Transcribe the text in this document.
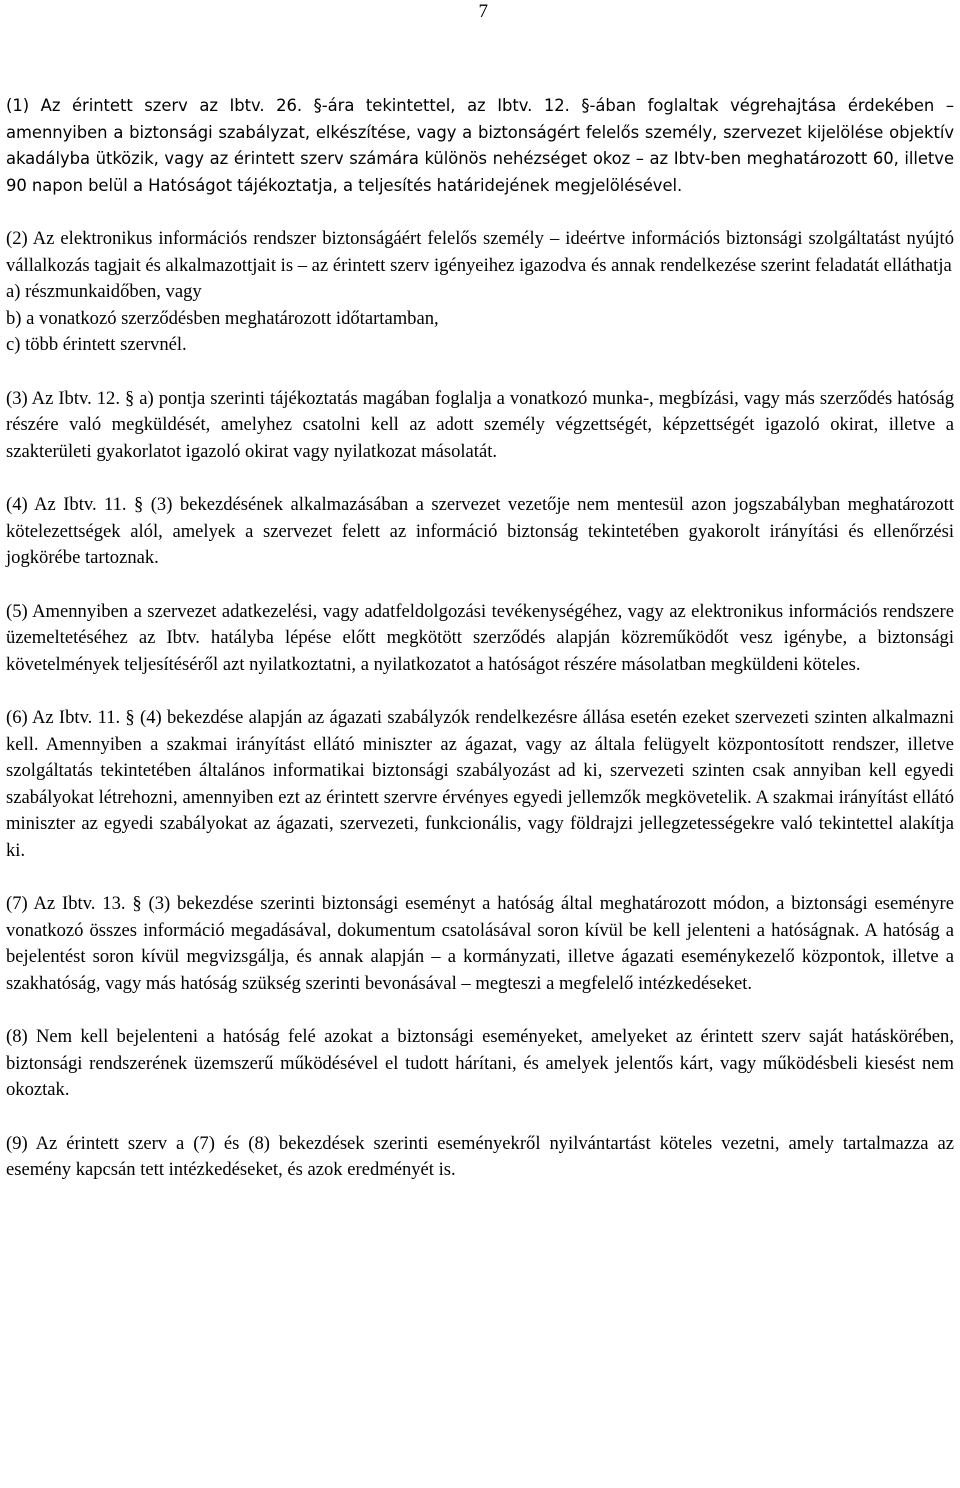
7

(1) Az érintett szerv az Ibtv. 26. §-ára tekintettel, az Ibtv. 12. §-ában foglaltak végrehajtása érdekében – amennyiben a biztonsági szabályzat, elkészítése, vagy a biztonságért felelős személy, szervezet kijelölése objektív akadályba ütközik, vagy az érintett szerv számára különös nehézséget okoz – az Ibtv-ben meghatározott 60, illetve 90 napon belül a Hatóságot tájékoztatja, a teljesítés határidejének megjelölésével.

(2) Az elektronikus információs rendszer biztonságáért felelős személy – ideértve információs biztonsági szolgáltatást nyújtó vállalkozás tagjait és alkalmazottjait is – az érintett szerv igényeihez igazodva és annak rendelkezése szerint feladatát elláthatja
a) részmunkaidőben, vagy
b) a vonatkozó szerződésben meghatározott időtartamban,
c) több érintett szervnél.

(3) Az Ibtv. 12. § a) pontja szerinti tájékoztatás magában foglalja a vonatkozó munka-, megbízási, vagy más szerződés hatóság részére való megküldését, amelyhez csatolni kell az adott személy végzettségét, képzettségét igazoló okirat, illetve a szakterületi gyakorlatot igazoló okirat vagy nyilatkozat másolatát.

(4) Az Ibtv. 11. § (3) bekezdésének alkalmazásában a szervezet vezetője nem mentesül azon jogszabályban meghatározott kötelezettségek alól, amelyek a szervezet felett az információ biztonság tekintetében gyakorolt irányítási és ellenőrzési jogkörébe tartoznak.

(5) Amennyiben a szervezet adatkezelési, vagy adatfeldolgozási tevékenységéhez, vagy az elektronikus információs rendszere üzemeltetéséhez az Ibtv. hatályba lépése előtt megkötött szerződés alapján közreműködőt vesz igénybe, a biztonsági követelmények teljesítéséről azt nyilatkoztatni, a nyilatkozatot a hatóságot részére másolatban megküldeni köteles.

(6) Az Ibtv. 11. § (4) bekezdése alapján az ágazati szabályzók rendelkezésre állása esetén ezeket szervezeti szinten alkalmazni kell. Amennyiben a szakmai irányítást ellátó miniszter az ágazat, vagy az általa felügyelt központosított rendszer, illetve szolgáltatás tekintetében általános informatikai biztonsági szabályozást ad ki, szervezeti szinten csak annyiban kell egyedi szabályokat létrehozni, amennyiben ezt az érintett szervre érvényes egyedi jellemzők megkövetelik. A szakmai irányítást ellátó miniszter az egyedi szabályokat az ágazati, szervezeti, funkcionális, vagy földrajzi jellegzetességekre való tekintettel alakítja ki.

(7) Az Ibtv. 13. § (3) bekezdése szerinti biztonsági eseményt a hatóság által meghatározott módon, a biztonsági eseményre vonatkozó összes információ megadásával, dokumentum csatolásával soron kívül be kell jelenteni a hatóságnak. A hatóság a bejelentést soron kívül megvizsgálja, és annak alapján – a kormányzati, illetve ágazati eseménykezelő központok, illetve a szakhatóság, vagy más hatóság szükség szerinti bevonásával – megteszi a megfelelő intézkedéseket.

(8) Nem kell bejelenteni a hatóság felé azokat a biztonsági eseményeket, amelyeket az érintett szerv saját hatáskörében, biztonsági rendszerének üzemszerű működésével el tudott hárítani, és amelyek jelentős kárt, vagy működésbeli kiesést nem okoztak.

(9) Az érintett szerv a (7) és (8) bekezdések szerinti eseményekről nyilvántartást köteles vezetni, amely tartalmazza az esemény kapcsán tett intézkedéseket, és azok eredményét is.
